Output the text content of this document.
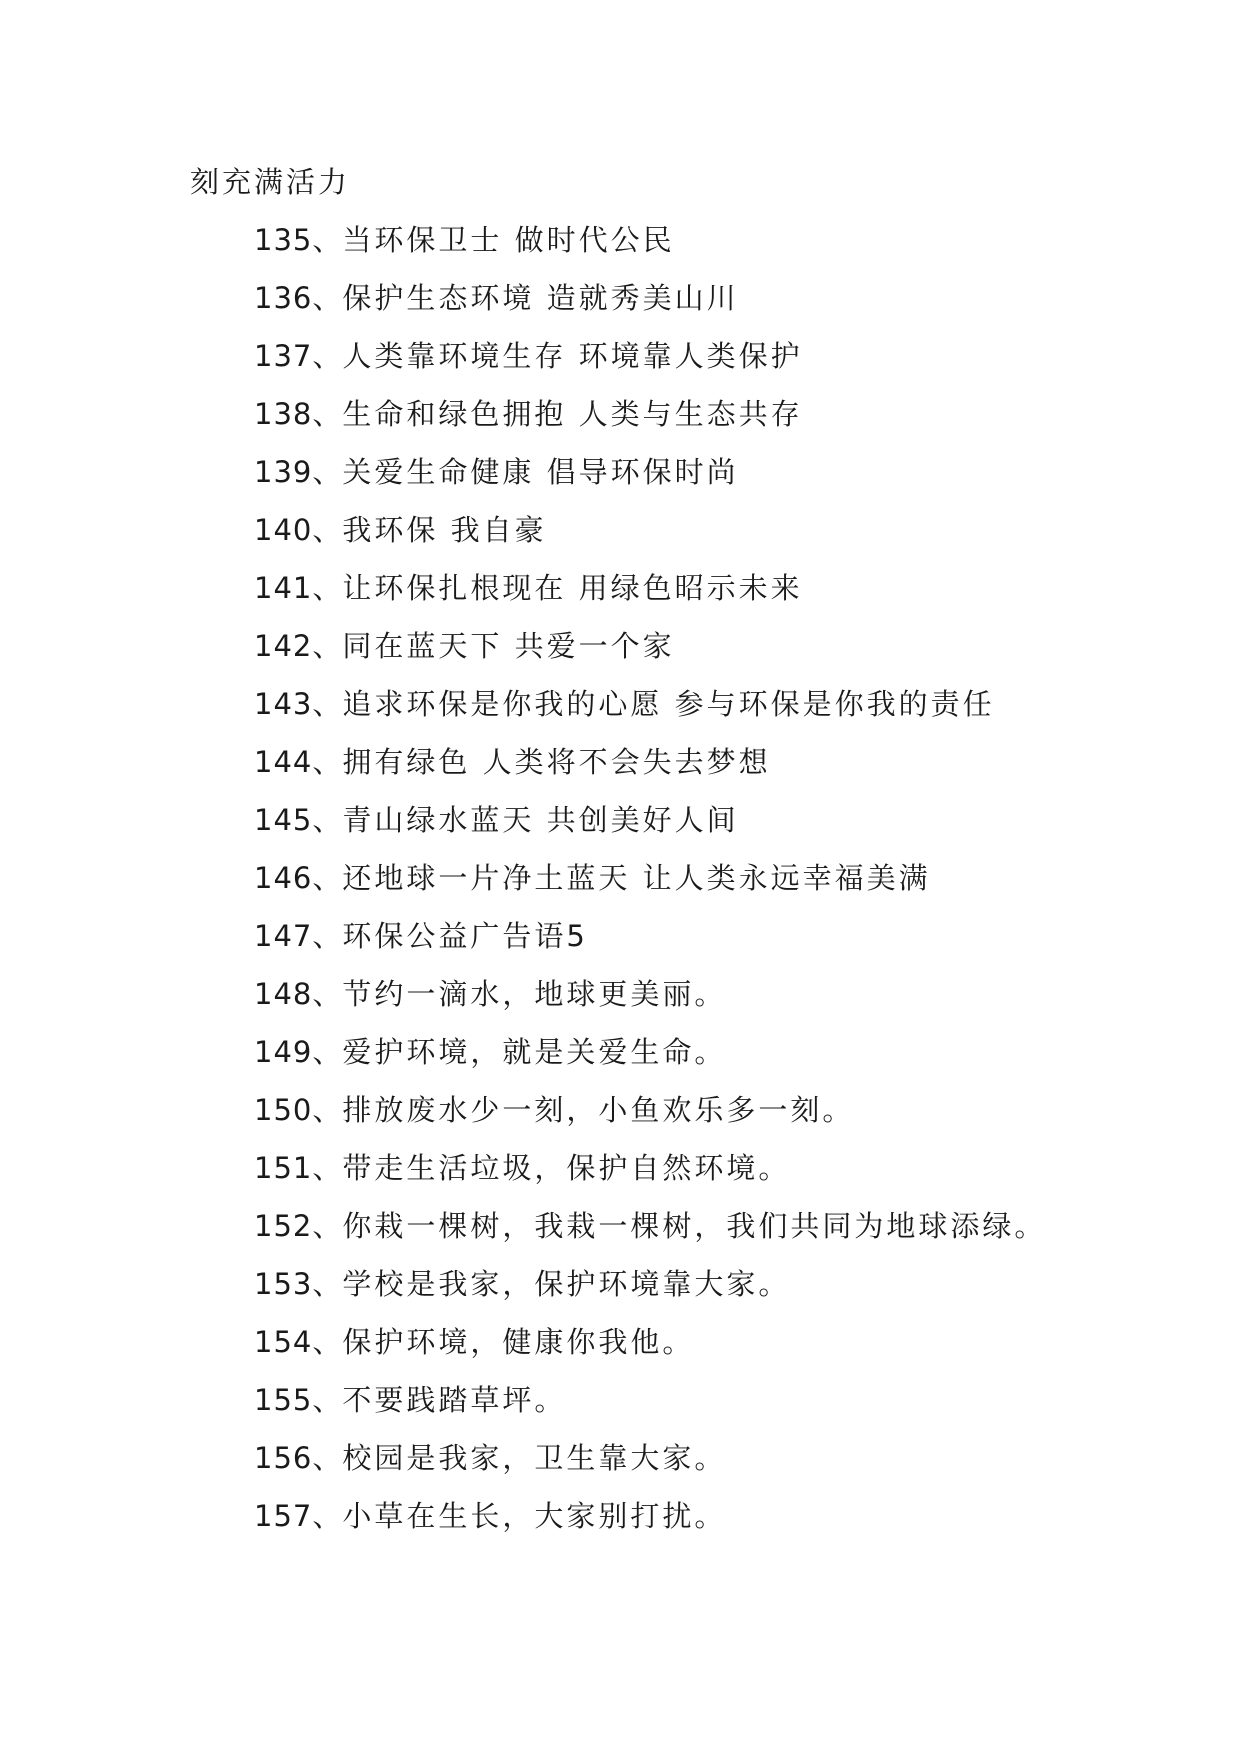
刻充满活力
135、当环保卫士 做时代公民
136、保护生态环境 造就秀美山川
137、人类靠环境生存 环境靠人类保护
138、生命和绿色拥抱 人类与生态共存
139、关爱生命健康 倡导环保时尚
140、我环保 我自豪
141、让环保扎根现在 用绿色昭示未来
142、同在蓝天下 共爱一个家
143、追求环保是你我的心愿 参与环保是你我的责任
144、拥有绿色 人类将不会失去梦想
145、青山绿水蓝天 共创美好人间
146、还地球一片净土蓝天 让人类永远幸福美满
147、环保公益广告语5
148、节约一滴水，地球更美丽。
149、爱护环境，就是关爱生命。
150、排放废水少一刻，小鱼欢乐多一刻。
151、带走生活垃圾，保护自然环境。
152、你栽一棵树，我栽一棵树，我们共同为地球添绿。
153、学校是我家，保护环境靠大家。
154、保护环境，健康你我他。
155、不要践踏草坪。
156、校园是我家，卫生靠大家。
157、小草在生长，大家别打扰。
